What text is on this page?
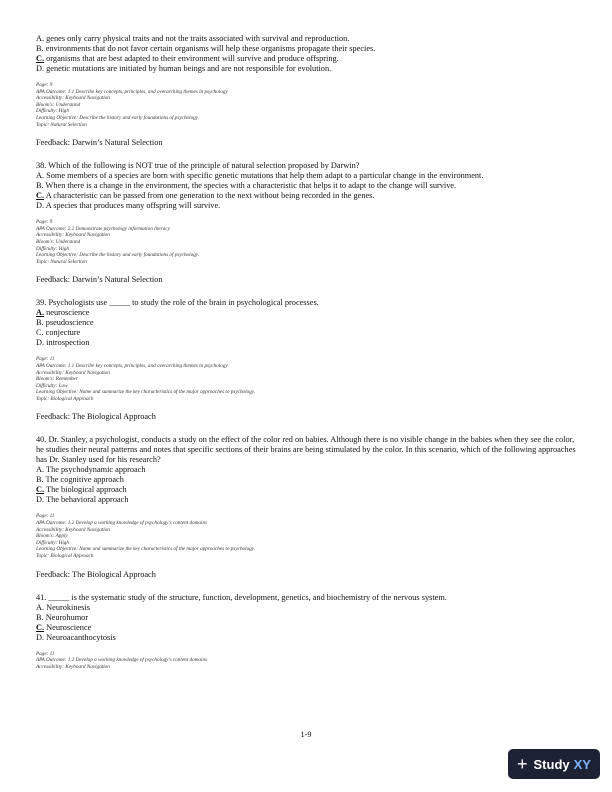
A. genes only carry physical traits and not the traits associated with survival and reproduction.
B. environments that do not favor certain organisms will help these organisms propagate their species.
C. organisms that are best adapted to their environment will survive and produce offspring.
D. genetic mutations are initiated by human beings and are not responsible for evolution.
Page: 9
APA Outcome: 1.1 Describe key concepts, principles, and overarching themes in psychology
Accessibility: Keyboard Navigation
Bloom's: Understand
Difficulty: High
Learning Objective: Describe the history and early foundations of psychology.
Topic: Natural Selection
Feedback: Darwin’s Natural Selection
38. Which of the following is NOT true of the principle of natural selection proposed by Darwin?
A. Some members of a species are born with specific genetic mutations that help them adapt to a particular change in the environment.
B. When there is a change in the environment, the species with a characteristic that helps it to adapt to the change will survive.
C. A characteristic can be passed from one generation to the next without being recorded in the genes.
D. A species that produces many offspring will survive.
Page: 9
APA Outcome: 2.2 Demonstrate psychology information literacy
Accessibility: Keyboard Navigation
Bloom's: Understand
Difficulty: High
Learning Objective: Describe the history and early foundations of psychology.
Topic: Natural Selection
Feedback: Darwin’s Natural Selection
39. Psychologists use _____ to study the role of the brain in psychological processes.
A. neuroscience
B. pseudoscience
C. conjecture
D. introspection
Page: 11
APA Outcome: 1.1 Describe key concepts, principles, and overarching themes in psychology
Accessibility: Keyboard Navigation
Bloom's: Remember
Difficulty: Low
Learning Objective: Name and summarize the key characteristics of the major approaches to psychology.
Topic: Biological Approach
Feedback: The Biological Approach
40. Dr. Stanley, a psychologist, conducts a study on the effect of the color red on babies. Although there is no visible change in the babies when they see the color, he studies their neural patterns and notes that specific sections of their brains are being stimulated by the color. In this scenario, which of the following approaches has Dr. Stanley used for his research?
A. The psychodynamic approach
B. The cognitive approach
C. The biological approach
D. The behavioral approach
Page: 11
APA Outcome: 1.2 Develop a working knowledge of psychology's content domains
Accessibility: Keyboard Navigation
Bloom's: Apply
Difficulty: High
Learning Objective: Name and summarize the key characteristics of the major approaches to psychology.
Topic: Biological Approach
Feedback: The Biological Approach
41. _____ is the systematic study of the structure, function, development, genetics, and biochemistry of the nervous system.
A. Neurokinesis
B. Neurohumor
C. Neuroscience
D. Neuroacanthocytosis
Page: 11
APA Outcome: 1.2 Develop a working knowledge of psychology's content domains
Accessibility: Keyboard Navigation
1-9
+ Study XY
